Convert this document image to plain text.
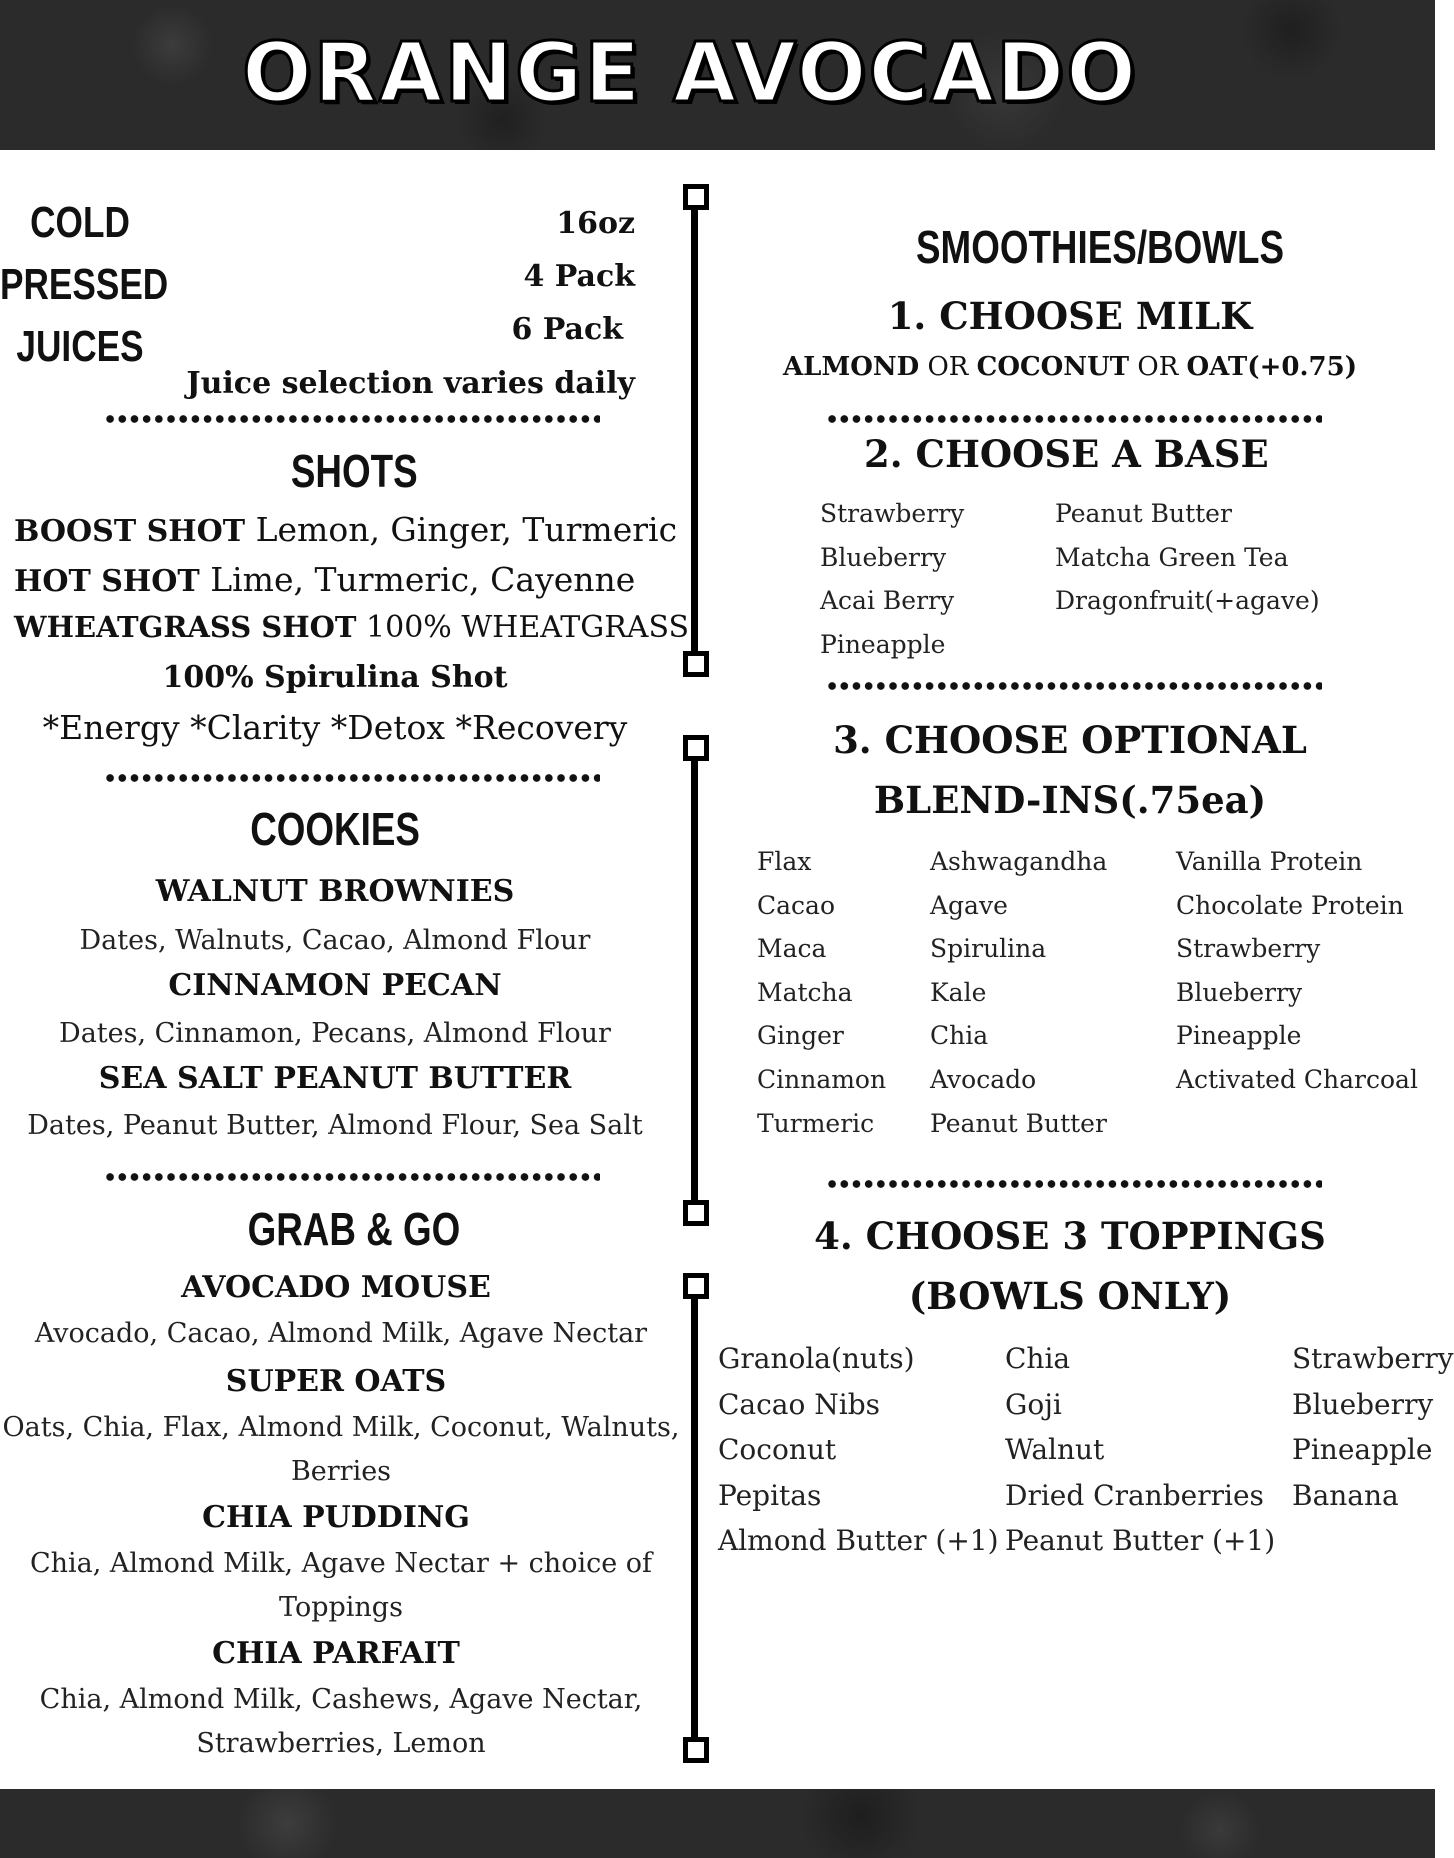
ORANGE AVOCADO
COLD
PRESSED
JUICES
16oz
4 Pack
6 Pack
Juice selection varies daily
SHOTS
BOOST SHOT Lemon, Ginger, Turmeric
HOT SHOT Lime, Turmeric, Cayenne
WHEATGRASS SHOT 100% WHEATGRASS
100% Spirulina Shot
*Energy *Clarity *Detox *Recovery
COOKIES
WALNUT BROWNIES
Dates, Walnuts, Cacao, Almond Flour
CINNAMON PECAN
Dates, Cinnamon, Pecans, Almond Flour
SEA SALT PEANUT BUTTER
Dates, Peanut Butter, Almond Flour, Sea Salt
GRAB & GO
AVOCADO MOUSE
Avocado, Cacao, Almond Milk, Agave Nectar
SUPER OATS
Oats, Chia, Flax, Almond Milk, Coconut, Walnuts,
Berries
CHIA PUDDING
Chia, Almond Milk, Agave Nectar + choice of
Toppings
CHIA PARFAIT
Chia, Almond Milk, Cashews, Agave Nectar,
Strawberries, Lemon
SMOOTHIES/BOWLS
1. CHOOSE MILK
ALMOND OR COCONUT OR OAT(+0.75)
2. CHOOSE A BASE
Strawberry
Blueberry
Acai Berry
Pineapple
Peanut Butter
Matcha Green Tea
Dragonfruit(+agave)
3. CHOOSE OPTIONAL
BLEND-INS(.75ea)
Flax
Cacao
Maca
Matcha
Ginger
Cinnamon
Turmeric
Ashwagandha
Agave
Spirulina
Kale
Chia
Avocado
Peanut Butter
Vanilla Protein
Chocolate Protein
Strawberry
Blueberry
Pineapple
Activated Charcoal
4. CHOOSE 3 TOPPINGS
(BOWLS ONLY)
Granola(nuts)
Cacao Nibs
Coconut
Pepitas
Almond Butter (+1)
Chia
Goji
Walnut
Dried Cranberries
Peanut Butter (+1)
Strawberry
Blueberry
Pineapple
Banana
